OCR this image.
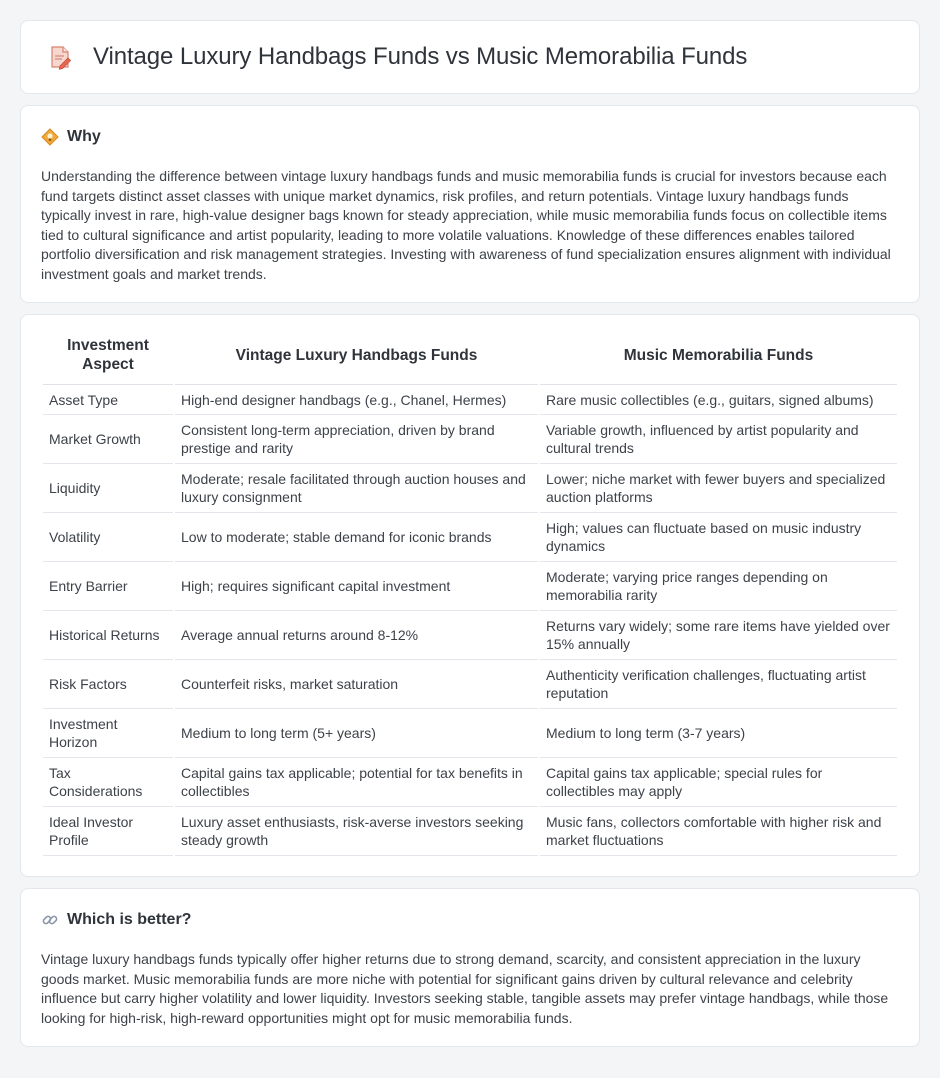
Vintage Luxury Handbags Funds vs Music Memorabilia Funds
Why

Understanding the difference between vintage luxury handbags funds and music memorabilia funds is crucial for investors because each fund targets distinct asset classes with unique market dynamics, risk profiles, and return potentials. Vintage luxury handbags funds typically invest in rare, high-value designer bags known for steady appreciation, while music memorabilia funds focus on collectible items tied to cultural significance and artist popularity, leading to more volatile valuations. Knowledge of these differences enables tailored portfolio diversification and risk management strategies. Investing with awareness of fund specialization ensures alignment with individual investment goals and market trends.

Investment Aspect	Vintage Luxury Handbags Funds	Music Memorabilia Funds
Asset Type	High-end designer handbags (e.g., Chanel, Hermes)	Rare music collectibles (e.g., guitars, signed albums)
Market Growth	Consistent long-term appreciation, driven by brand prestige and rarity	Variable growth, influenced by artist popularity and cultural trends
Liquidity	Moderate; resale facilitated through auction houses and luxury consignment	Lower; niche market with fewer buyers and specialized auction platforms
Volatility	Low to moderate; stable demand for iconic brands	High; values can fluctuate based on music industry dynamics
Entry Barrier	High; requires significant capital investment	Moderate; varying price ranges depending on memorabilia rarity
Historical Returns	Average annual returns around 8-12%	Returns vary widely; some rare items have yielded over 15% annually
Risk Factors	Counterfeit risks, market saturation	Authenticity verification challenges, fluctuating artist reputation
Investment Horizon	Medium to long term (5+ years)	Medium to long term (3-7 years)
Tax Considerations	Capital gains tax applicable; potential for tax benefits in collectibles	Capital gains tax applicable; special rules for collectibles may apply
Ideal Investor Profile	Luxury asset enthusiasts, risk-averse investors seeking steady growth	Music fans, collectors comfortable with higher risk and market fluctuations
Which is better?

Vintage luxury handbags funds typically offer higher returns due to strong demand, scarcity, and consistent appreciation in the luxury goods market. Music memorabilia funds are more niche with potential for significant gains driven by cultural relevance and celebrity influence but carry higher volatility and lower liquidity. Investors seeking stable, tangible assets may prefer vintage handbags, while those looking for high-risk, high-reward opportunities might opt for music memorabilia funds.
